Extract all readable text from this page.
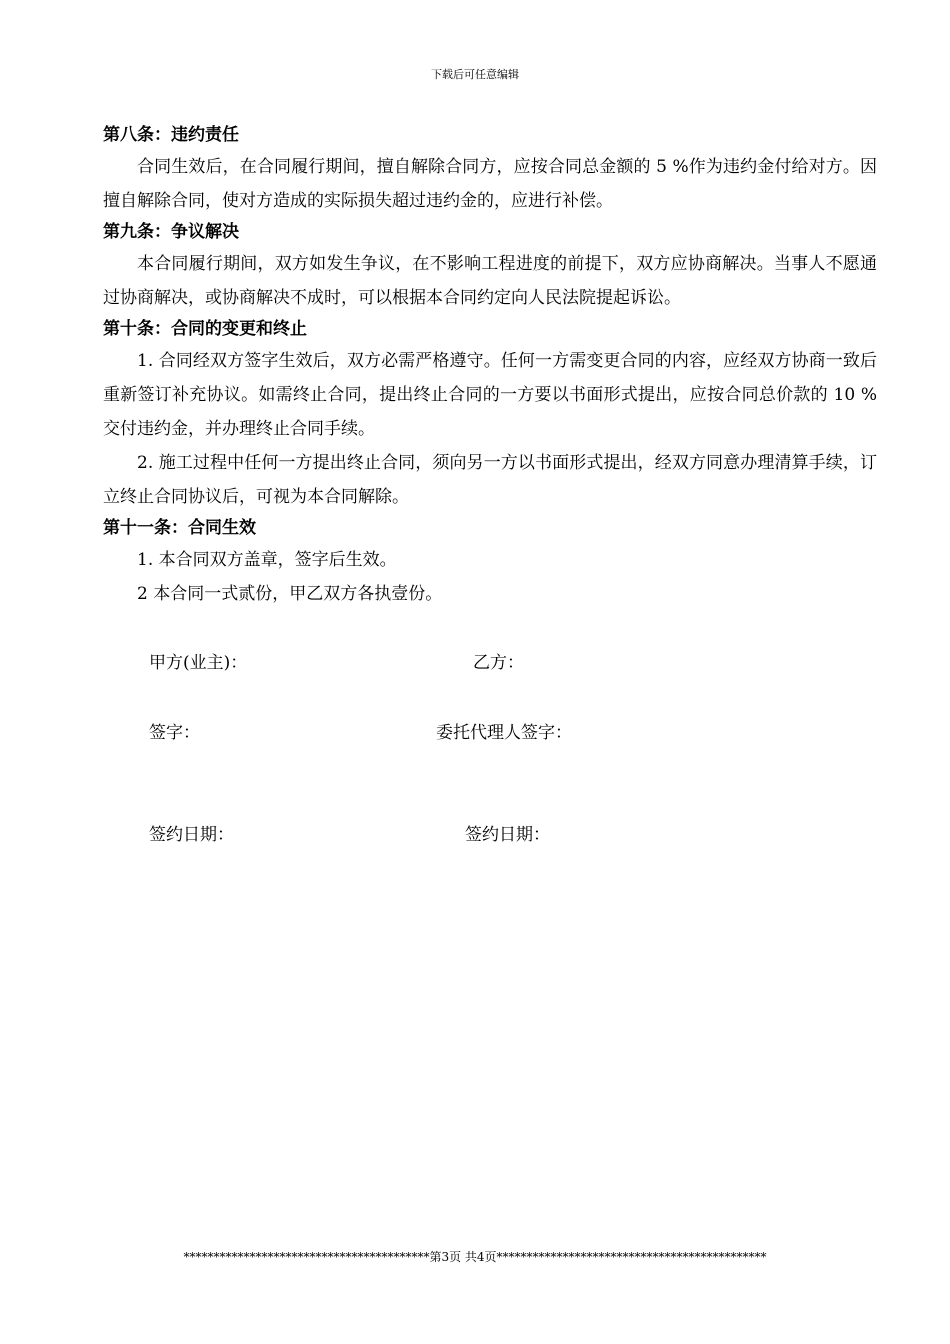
下载后可任意编辑
第八条：违约责任
合同生效后，在合同履行期间，擅自解除合同方，应按合同总金额的 5 %作为违约金付给对方。因擅自解除合同，使对方造成的实际损失超过违约金的，应进行补偿。
第九条：争议解决
本合同履行期间，双方如发生争议，在不影响工程进度的前提下，双方应协商解决。当事人不愿通过协商解决，或协商解决不成时，可以根据本合同约定向人民法院提起诉讼。
第十条：合同的变更和终止
1. 合同经双方签字生效后，双方必需严格遵守。任何一方需变更合同的内容，应经双方协商一致后重新签订补充协议。如需终止合同，提出终止合同的一方要以书面形式提出，应按合同总价款的 10 %交付违约金，并办理终止合同手续。
2. 施工过程中任何一方提出终止合同，须向另一方以书面形式提出，经双方同意办理清算手续，订立终止合同协议后，可视为本合同解除。
第十一条：合同生效
1. 本合同双方盖章，签字后生效。
2 本合同一式贰份，甲乙双方各执壹份。
甲方(业主)：	乙方：
签字：	委托代理人签字：
签约日期：	签约日期：
*****************************************第3页 共4页*********************************************
